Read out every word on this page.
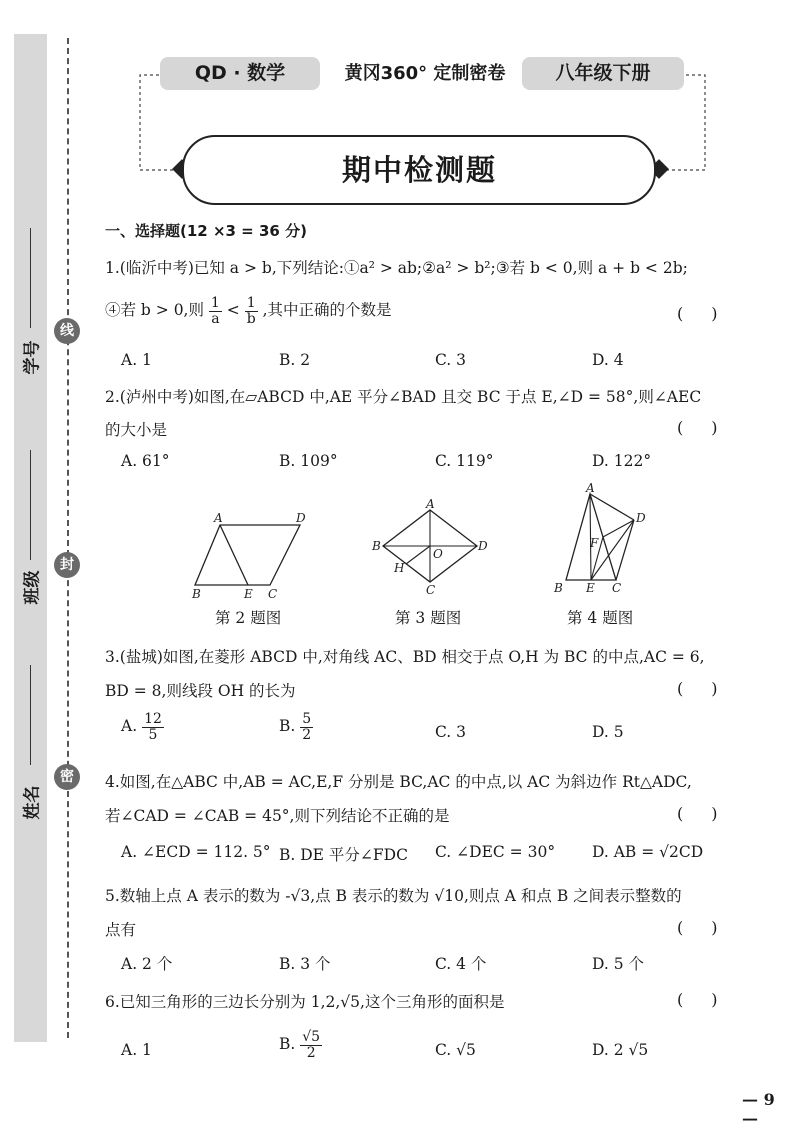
线
封
密
学号
班级
姓名
QD · 数学	黄冈360° 定制密卷	八年级下册
期中检测题
一、选择题(12 ×3 = 36 分)
1.(临沂中考)已知 a > b,下列结论:①a² > ab;②a² > b²;③若 b < 0,则 a + b < 2b;
④若 b > 0,则 $\frac{1}{a} < \frac{1}{b}$ ,其中正确的个数是	()
A. 1	B. 2	C. 3	D. 4
2.(泸州中考)如图,在▱ABCD 中,AE 平分∠BAD 且交 BC 于点 E,∠D = 58°,则∠AEC
的大小是	()
A. 61°	B. 109°	C. 119°	D. 122°
A	D
B	E C
A
B
O
D
H
C
A
D
F
B E C
第 2 题图	第 3 题图	第 4 题图
3.(盐城)如图,在菱形 ABCD 中,对角线 AC、BD 相交于点 O,H 为 BC 的中点,AC = 6,
BD = 8,则线段 OH 的长为	()
A. $\frac{12}{5}$	B. $\frac{5}{2}$	C. 3	D. 5
4.如图,在△ABC 中,AB = AC,E,F 分别是 BC,AC 的中点,以 AC 为斜边作 Rt△ADC,
若∠CAD = ∠CAB = 45°,则下列结论不正确的是	()
A. ∠ECD = 112. 5° B. DE 平分∠FDC C. ∠DEC = 30° D. AB = √2CD
5.数轴上点 A 表示的数为 -√3,点 B 表示的数为 √10,则点 A 和点 B 之间表示整数的
点有	()
A. 2 个	B. 3 个	C. 4 个	D. 5 个
6.已知三角形的三边长分别为 1,2,√5,这个三角形的面积是	()
A. 1	B. $\frac{√5}{2}$	C. √5	D. 2 √5
— 9 —
